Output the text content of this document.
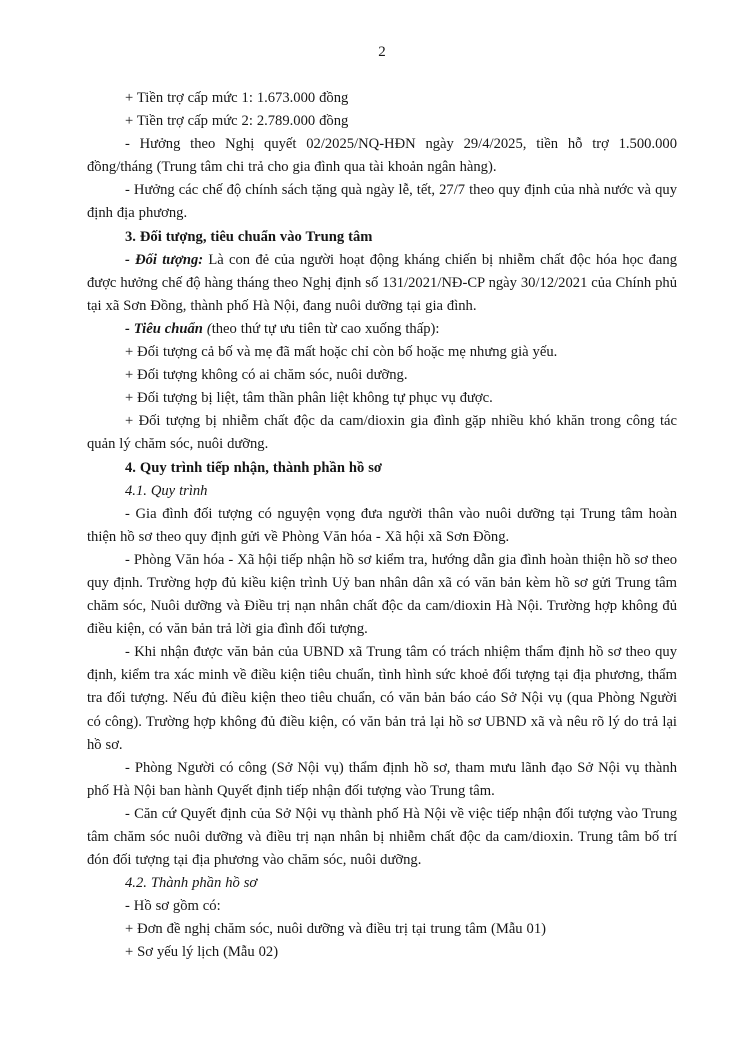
2

+ Tiền trợ cấp mức 1: 1.673.000 đồng

+ Tiền trợ cấp mức 2: 2.789.000 đồng

- Hưởng theo Nghị quyết 02/2025/NQ-HĐN ngày 29/4/2025, tiền hỗ trợ 1.500.000 đồng/tháng (Trung tâm chi trả cho gia đình qua tài khoản ngân hàng).

- Hưởng các chế độ chính sách tặng quà ngày lễ, tết, 27/7 theo quy định của nhà nước và quy định địa phương.

3. Đối tượng, tiêu chuẩn vào Trung tâm

- Đối tượng: Là con đẻ của người hoạt động kháng chiến bị nhiễm chất độc hóa học đang được hưởng chế độ hàng tháng theo Nghị định số 131/2021/NĐ-CP ngày 30/12/2021 của Chính phủ tại xã Sơn Đồng, thành phố Hà Nội, đang nuôi dưỡng tại gia đình.

- Tiêu chuẩn (theo thứ tự ưu tiên từ cao xuống thấp):

+ Đối tượng cả bố và mẹ đã mất hoặc chỉ còn bố hoặc mẹ nhưng già yếu.

+ Đối tượng không có ai chăm sóc, nuôi dưỡng.

+ Đối tượng bị liệt, tâm thần phân liệt không tự phục vụ được.

+ Đối tượng bị nhiễm chất độc da cam/dioxin gia đình gặp nhiều khó khăn trong công tác quản lý chăm sóc, nuôi dưỡng.

4. Quy trình tiếp nhận, thành phần hồ sơ

4.1. Quy trình

- Gia đình đối tượng có nguyện vọng đưa người thân vào nuôi dưỡng tại Trung tâm hoàn thiện hồ sơ theo quy định gửi về Phòng Văn hóa - Xã hội xã Sơn Đồng.

- Phòng Văn hóa - Xã hội tiếp nhận hồ sơ kiểm tra, hướng dẫn gia đình hoàn thiện hồ sơ theo quy định. Trường hợp đủ kiều kiện trình Uỷ ban nhân dân xã có văn bản kèm hồ sơ gửi Trung tâm chăm sóc, Nuôi dưỡng và Điều trị nạn nhân chất độc da cam/dioxin Hà Nội. Trường hợp không đủ điều kiện, có văn bản trả lời gia đình đối tượng.

- Khi nhận được văn bản của UBND xã Trung tâm có trách nhiệm thẩm định hồ sơ theo quy định, kiểm tra xác minh về điều kiện tiêu chuẩn, tình hình sức khoẻ đối tượng tại địa phương, thẩm tra đối tượng. Nếu đủ điều kiện theo tiêu chuẩn, có văn bản báo cáo Sở Nội vụ (qua Phòng Người có công). Trường hợp không đủ điều kiện, có văn bản trả lại hồ sơ UBND xã và nêu rõ lý do trả lại hồ sơ.

- Phòng Người có công (Sở Nội vụ) thẩm định hồ sơ, tham mưu lãnh đạo Sở Nội vụ thành phố Hà Nội ban hành Quyết định tiếp nhận đối tượng vào Trung tâm.

- Căn cứ Quyết định của Sở Nội vụ thành phố Hà Nội về việc tiếp nhận đối tượng vào Trung tâm chăm sóc nuôi dưỡng và điều trị nạn nhân bị nhiễm chất độc da cam/dioxin. Trung tâm bố trí đón đối tượng tại địa phương vào chăm sóc, nuôi dưỡng.

4.2. Thành phần hồ sơ

- Hồ sơ gồm có:

+ Đơn đề nghị chăm sóc, nuôi dưỡng và điều trị tại trung tâm (Mẫu 01)

+ Sơ yếu lý lịch (Mẫu 02)
